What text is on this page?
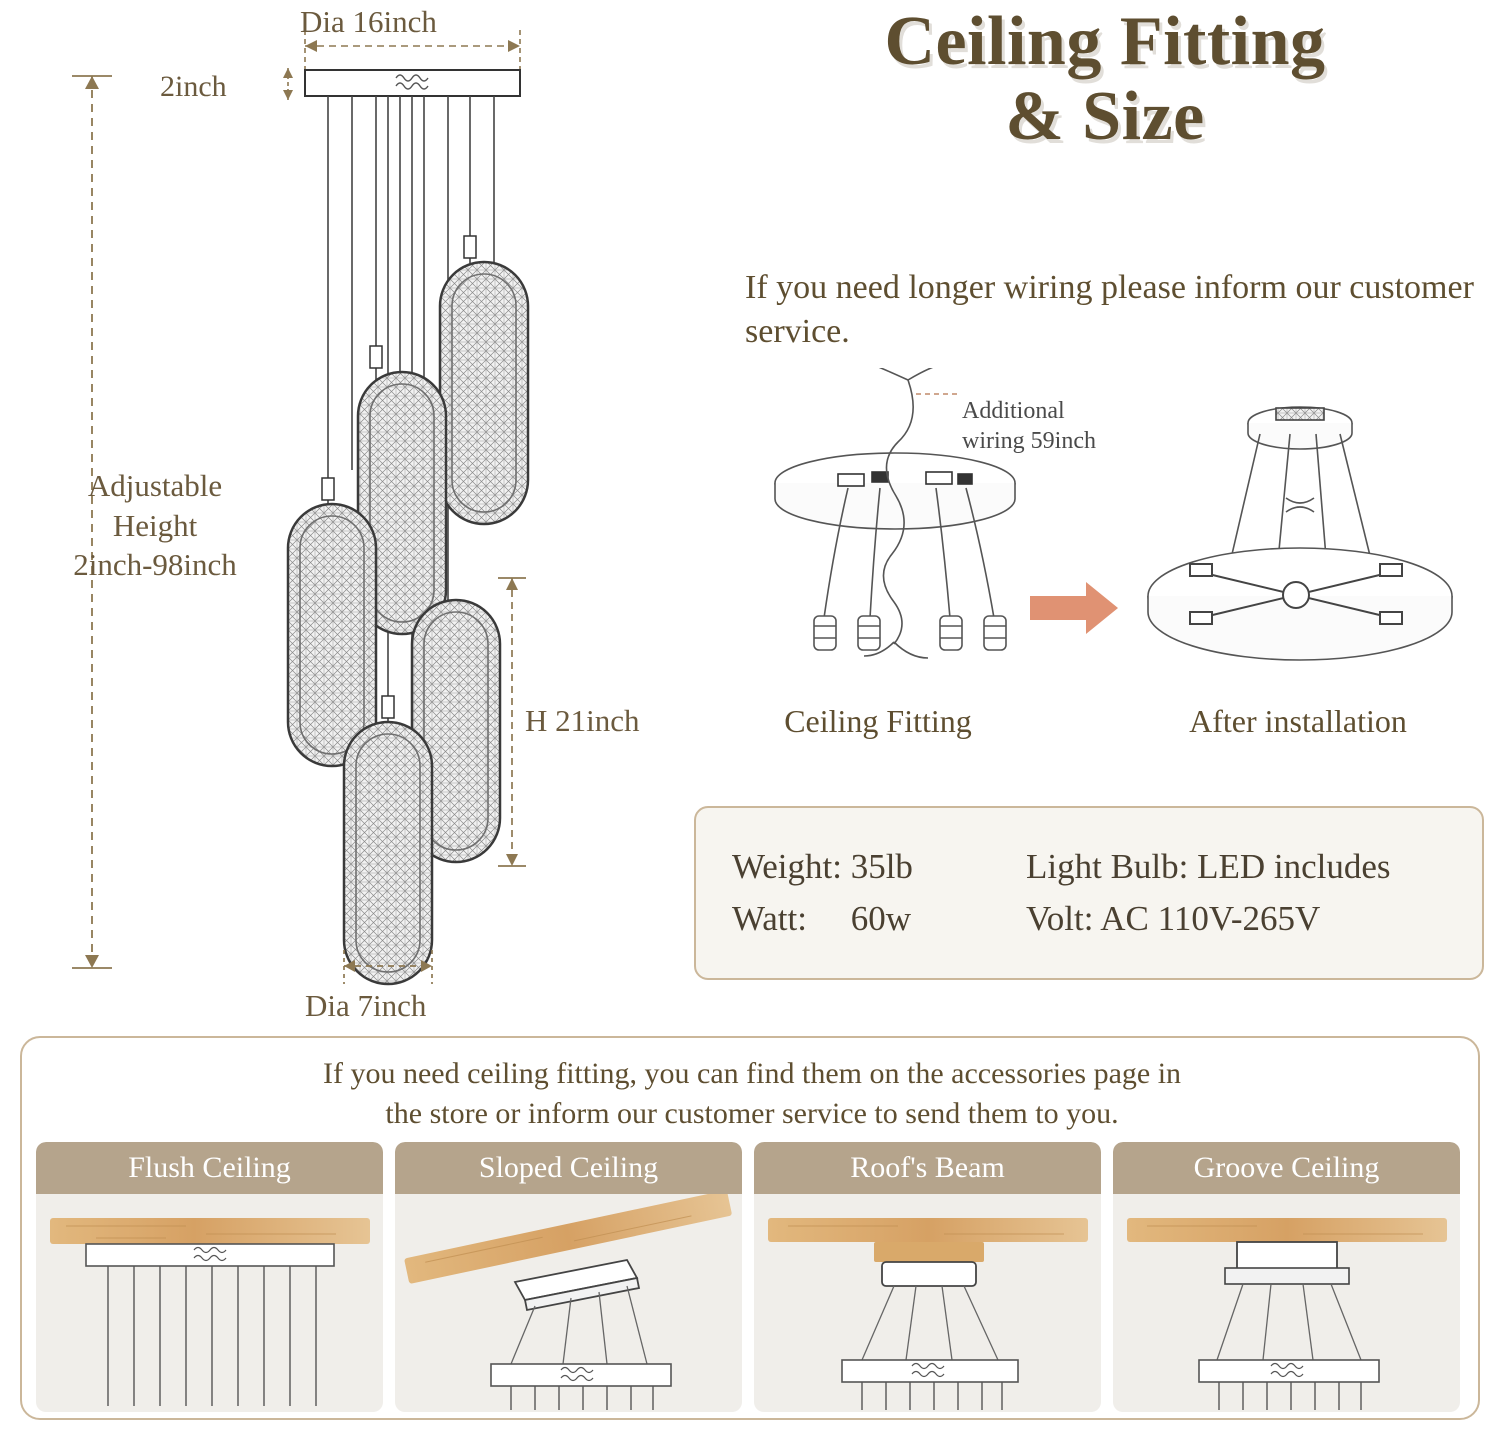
Dia 16inch
2inch
Adjustable
Height
2inch-98inch
H 21inch
Dia 7inch
Ceiling Fitting
& Size
If you need longer wiring please inform our customer service.
Additional
wiring 59inch
Ceiling Fitting	After installation
Weight: 35lb	Light Bulb: LED includes
Watt: 60w	Volt: AC 110V-265V
If you need ceiling fitting, you can find them on the accessories page in
the store or inform our customer service to send them to you.
Flush Ceiling	Sloped Ceiling	Roof's Beam	Groove Ceiling
